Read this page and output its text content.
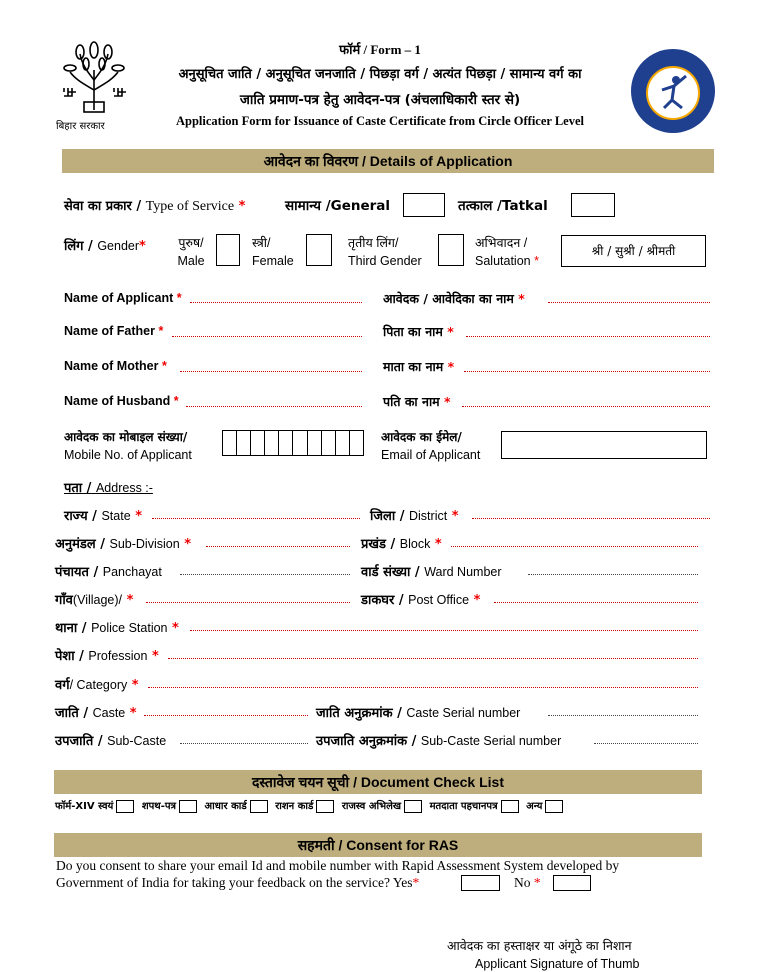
बिहार सरकार
फॉर्म / Form – 1
अनुसूचित जाति / अनुसूचित जनजाति / पिछड़ा वर्ग / अत्यंत पिछड़ा / सामान्य वर्ग का
जाति प्रमाण-पत्र हेतु आवेदन-पत्र (अंचलाधिकारी स्तर से)
Application Form for Issuance of Caste Certificate from Circle Officer Level
आवेदन का विवरण / Details of Application
सेवा का प्रकार / Type of Service *	सामान्य /General	तत्काल /Tatkal
लिंग / Gender*	पुरुष/
Male
स्त्री/
Female
तृतीय लिंग/
Third Gender
अभिवादन /
Salutation *
श्री / सुश्री / श्रीमती
Name of Applicant *	आवेदक / आवेदिका का नाम *
Name of Father *	पिता का नाम *
Name of Mother *	माता का नाम *
Name of Husband *	पति का नाम *
आवेदक का मोबाइल संख्या/
Mobile No. of Applicant
आवेदक का ईमेल/
Email of Applicant
पता / Address :-
राज्य / State *	जिला / District *
अनुमंडल / Sub-Division *	प्रखंड / Block *
पंचायत / Panchayat	वार्ड संख्या / Ward Number
गाँव(Village)/ *	डाकघर / Post Office *
थाना / Police Station *
पेशा / Profession *
वर्ग/ Category *
जाति / Caste *	जाति अनुक्रमांक / Caste Serial number
उपजाति / Sub-Caste	उपजाति अनुक्रमांक / Sub-Caste Serial number
दस्तावेज चयन सूची / Document Check List
फॉर्म-XIV स्वयं	शपथ-पत्र	आधार कार्ड	राशन कार्ड	राजस्व अभिलेख	मतदाता पहचानपत्र	अन्य
सहमती / Consent for RAS
Do you consent to share your email Id and mobile number with Rapid Assessment System developed by
Government of India for taking your feedback on the service? Yes*	No *
आवेदक का हस्ताक्षर या अंगूठे का निशान
Applicant Signature of Thumb
